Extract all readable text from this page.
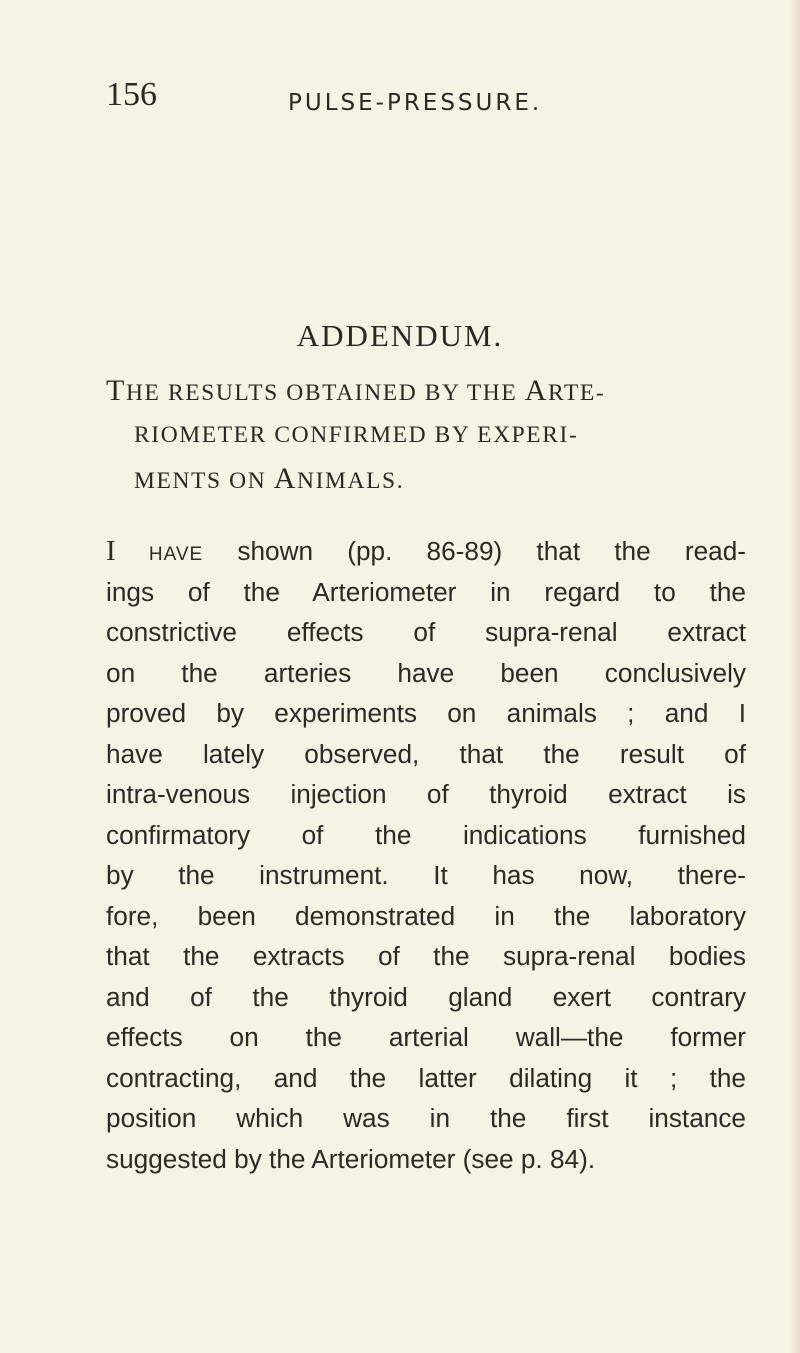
156	PULSE-PRESSURE.
ADDENDUM.
THE RESULTS OBTAINED BY THE ARTE-
RIOMETER CONFIRMED BY EXPERI-
MENTS ON ANIMALS.
I HAVE shown (pp. 86-89) that the read-
ings of the Arteriometer in regard to the
constrictive effects of supra-renal extract
on the arteries have been conclusively
proved by experiments on animals ; and I
have lately observed, that the result of
intra-venous injection of thyroid extract is
confirmatory of the indications furnished
by the instrument. It has now, there-
fore, been demonstrated in the laboratory
that the extracts of the supra-renal bodies
and of the thyroid gland exert contrary
effects on the arterial wall—the former
contracting, and the latter dilating it ; the
position which was in the first instance
suggested by the Arteriometer (see p. 84).
